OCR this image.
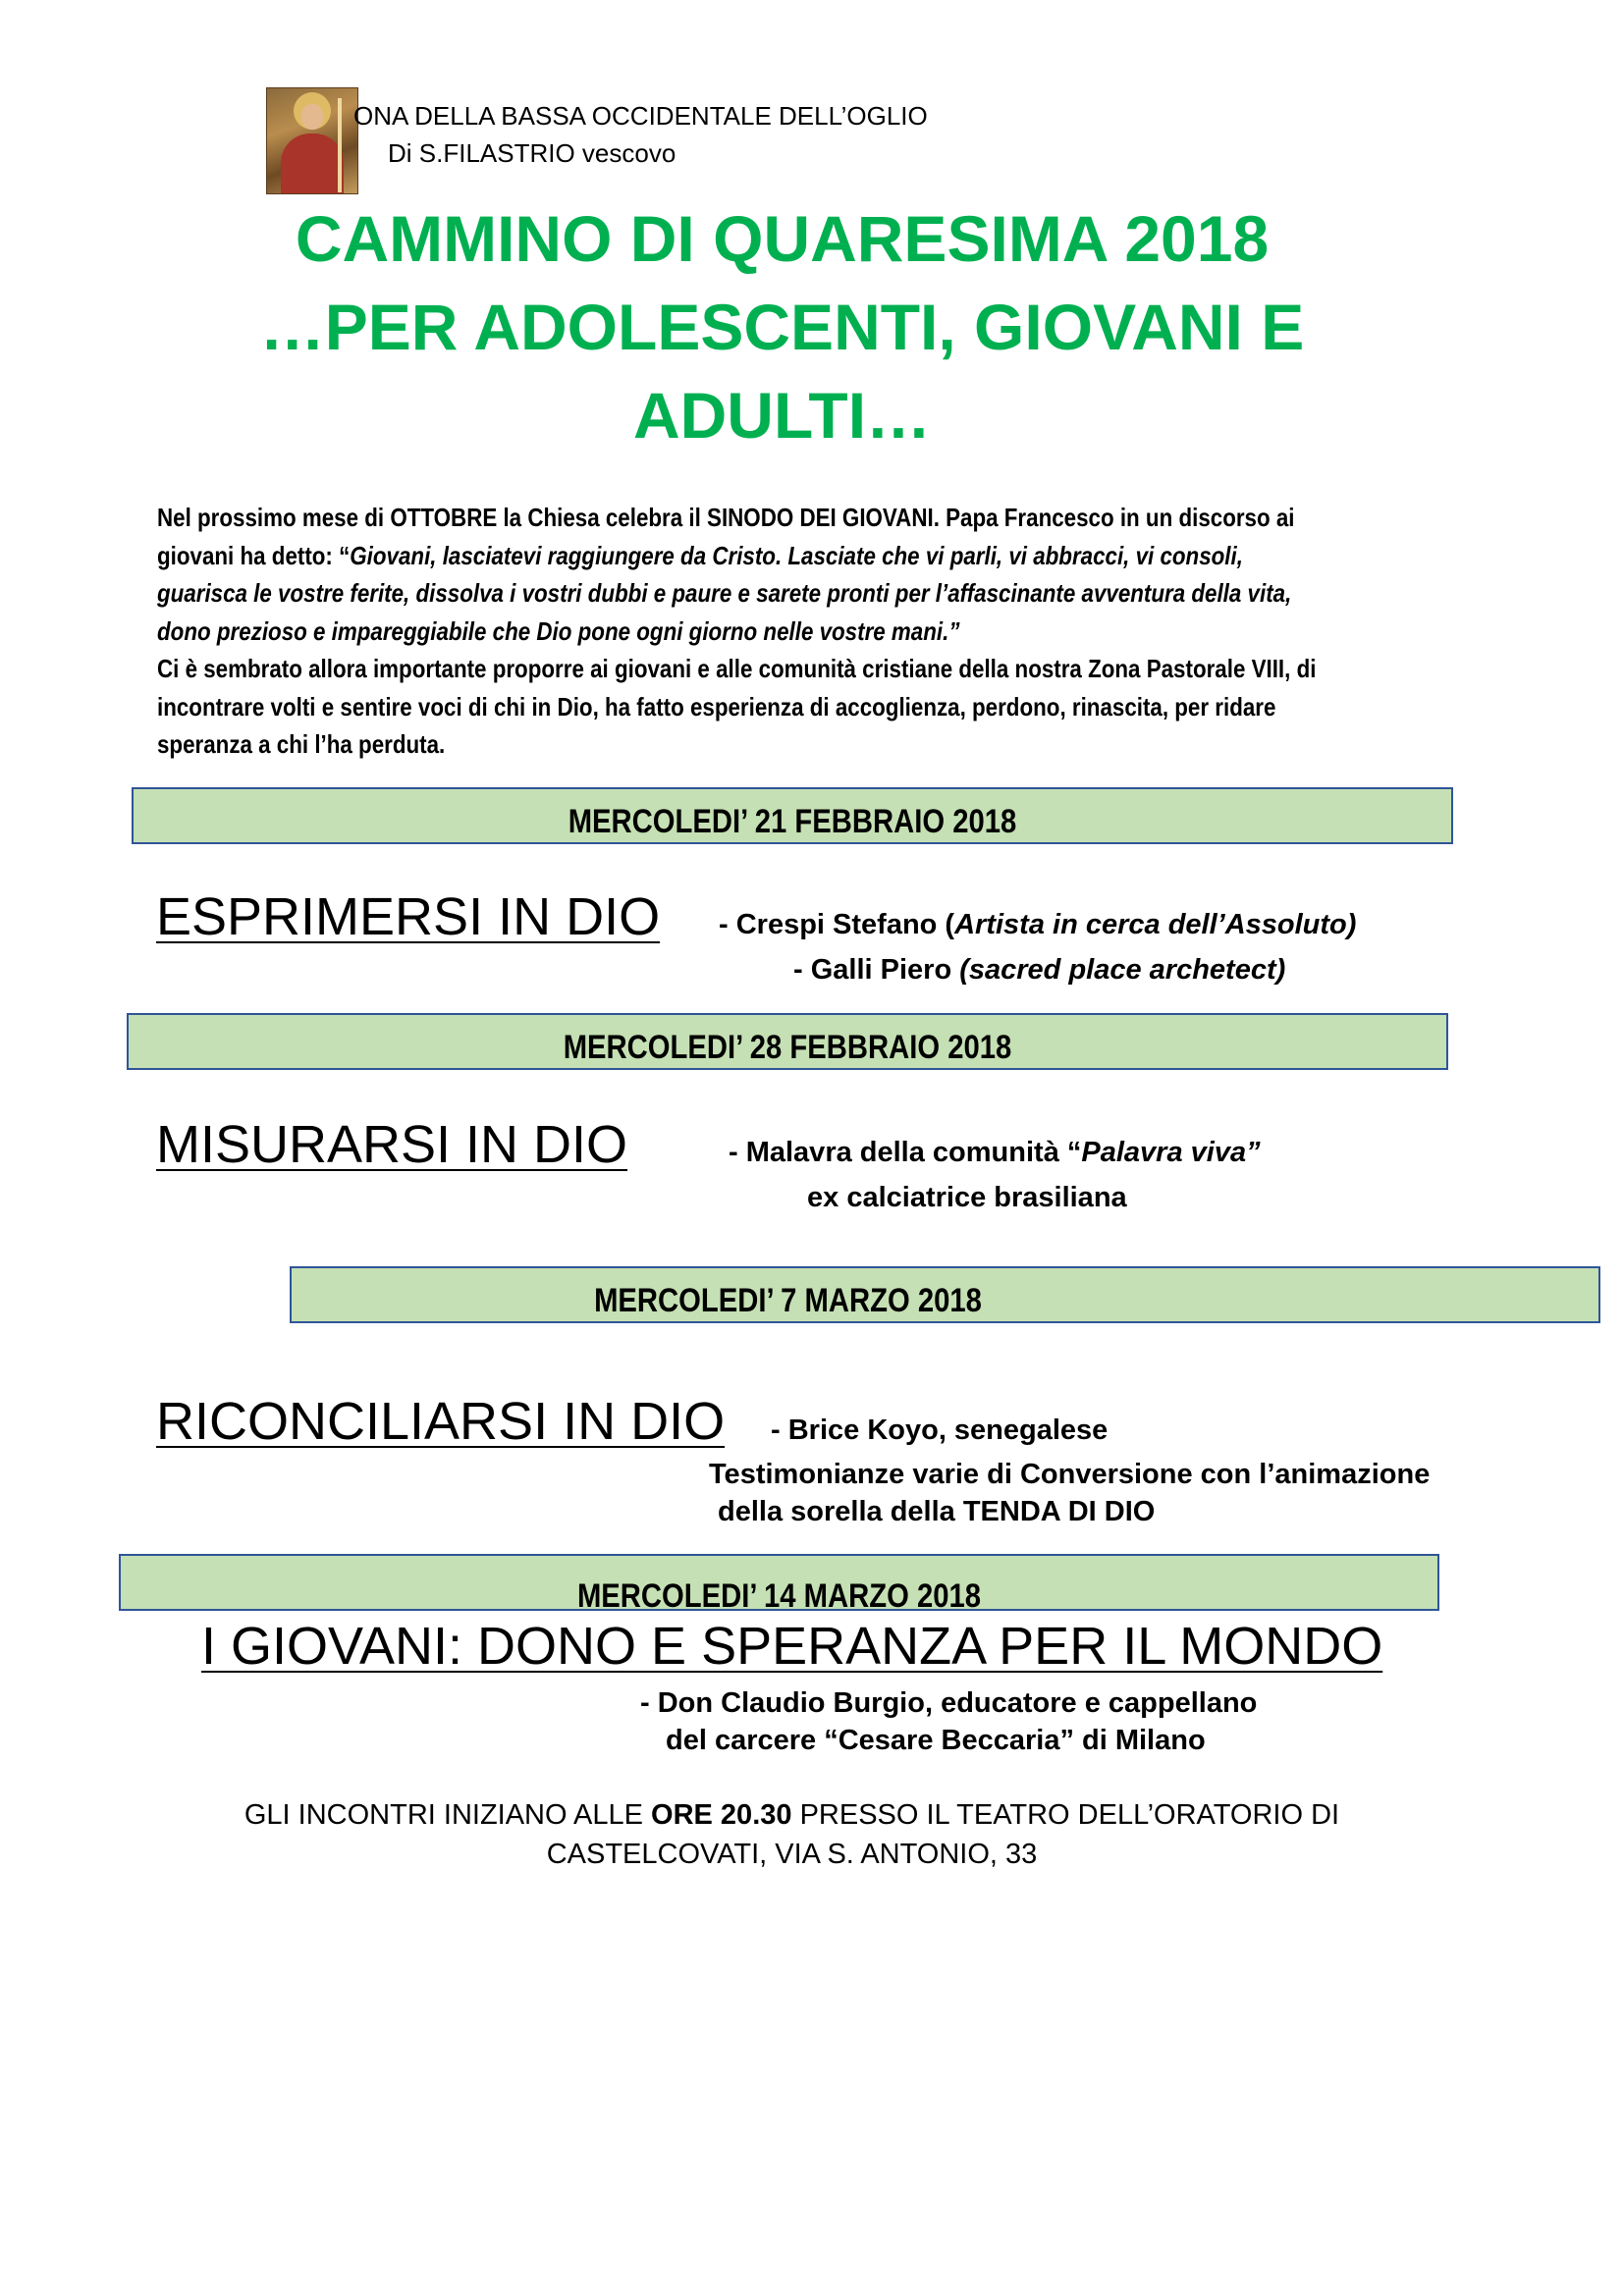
ONA DELLA BASSA OCCIDENTALE DELL’OGLIO
Di S.FILASTRIO vescovo
CAMMINO DI QUARESIMA 2018
…PER ADOLESCENTI, GIOVANI E
ADULTI…

Nel prossimo mese di OTTOBRE la Chiesa celebra il SINODO DEI GIOVANI. Papa Francesco in un discorso ai

giovani ha detto: “Giovani, lasciatevi raggiungere da Cristo. Lasciate che vi parli, vi abbracci, vi consoli,

guarisca le vostre ferite, dissolva i vostri dubbi e paure e sarete pronti per l’affascinante avventura della vita,

dono prezioso e impareggiabile che Dio pone ogni giorno nelle vostre mani.”

Ci è sembrato allora importante proporre ai giovani e alle comunità cristiane della nostra Zona Pastorale VIII, di

incontrare volti e sentire voci di chi in Dio, ha fatto esperienza di accoglienza, perdono, rinascita, per ridare

speranza a chi l’ha perduta.

MERCOLEDI’ 21 FEBBRAIO 2018
ESPRIMERSI IN DIO - Crespi Stefano (Artista in cerca dell’Assoluto)
- Galli Piero (sacred place archetect)
MERCOLEDI’ 28 FEBBRAIO 2018
MISURARSI IN DIO	- Malavra della comunità “Palavra viva”
ex calciatrice brasiliana
MERCOLEDI’ 7 MARZO 2018
RICONCILIARSI IN DIO - Brice Koyo, senegalese
Testimonianze varie di Conversione con l’animazione
della sorella della TENDA DI DIO
MERCOLEDI’ 14 MARZO 2018
I GIOVANI: DONO E SPERANZA PER IL MONDO
- Don Claudio Burgio, educatore e cappellano
del carcere “Cesare Beccaria” di Milano
GLI INCONTRI INIZIANO ALLE ORE 20.30 PRESSO IL TEATRO DELL’ORATORIO DI
CASTELCOVATI, VIA S. ANTONIO, 33
